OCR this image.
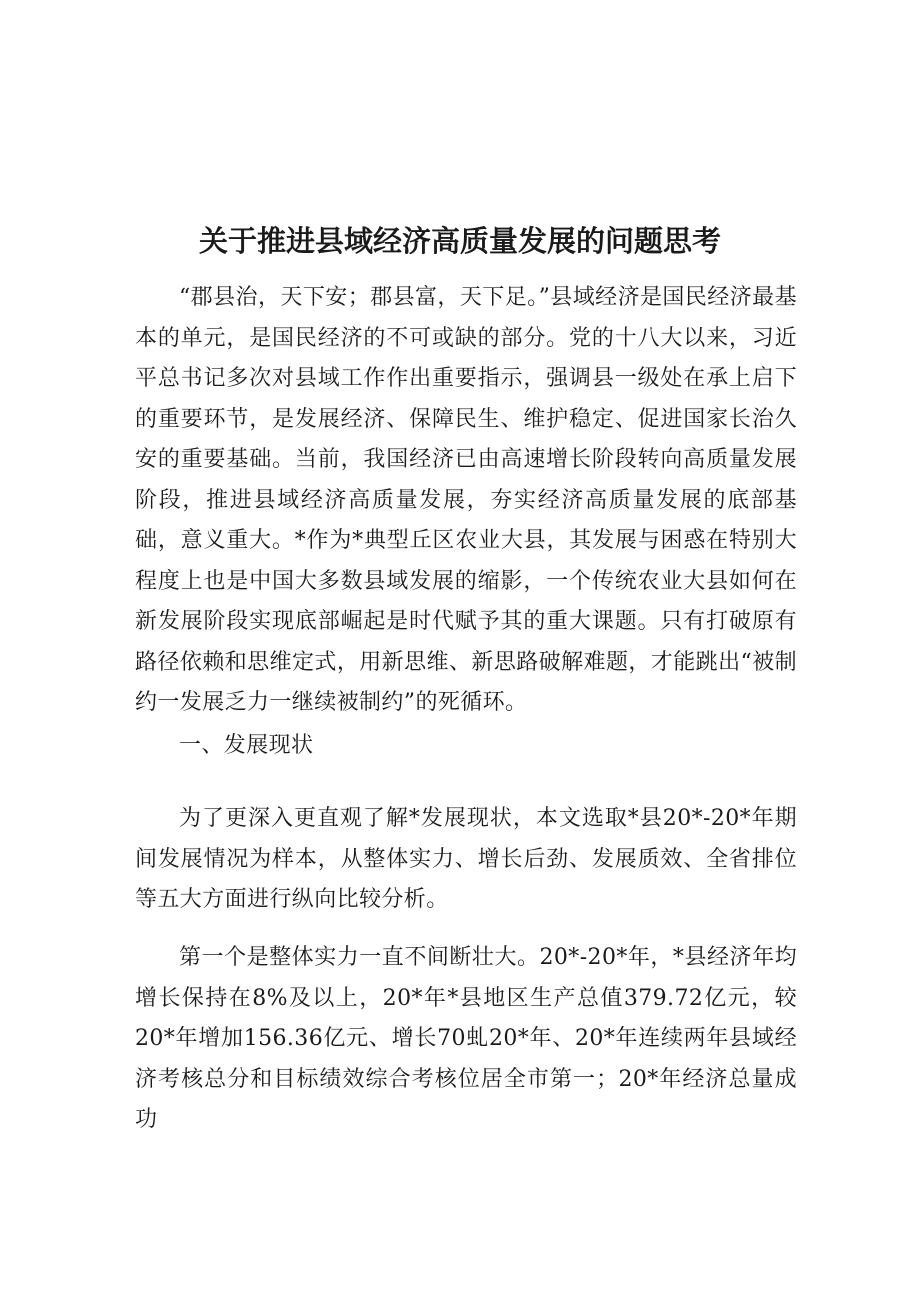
关于推进县域经济高质量发展的问题思考

“郡县治，天下安；郡县富，天下足。”县域经济是国民经济最基本的单元，是国民经济的不可或缺的部分。党的十八大以来，习近平总书记多次对县域工作作出重要指示，强调县一级处在承上启下的重要环节，是发展经济、保障民生、维护稳定、促进国家长治久安的重要基础。当前，我国经济已由高速增长阶段转向高质量发展阶段，推进县域经济高质量发展，夯实经济高质量发展的底部基础，意义重大。*作为*典型丘区农业大县，其发展与困惑在特别大程度上也是中国大多数县域发展的缩影，一个传统农业大县如何在新发展阶段实现底部崛起是时代赋予其的重大课题。只有打破原有路径依赖和思维定式，用新思维、新思路破解难题，才能跳出“被制约一发展乏力一继续被制约”的死循环。

一、发展现状

为了更深入更直观了解*发展现状，本文选取*县20*-20*年期间发展情况为样本，从整体实力、增长后劲、发展质效、全省排位等五大方面进行纵向比较分析。

第一个是整体实力一直不间断壮大。20*-20*年，*县经济年均增长保持在8%及以上，20*年*县地区生产总值379.72亿元，较20*年增加156.36亿元、增长70虬20*年、20*年连续两年县域经济考核总分和目标绩效综合考核位居全市第一；20*年经济总量成功
